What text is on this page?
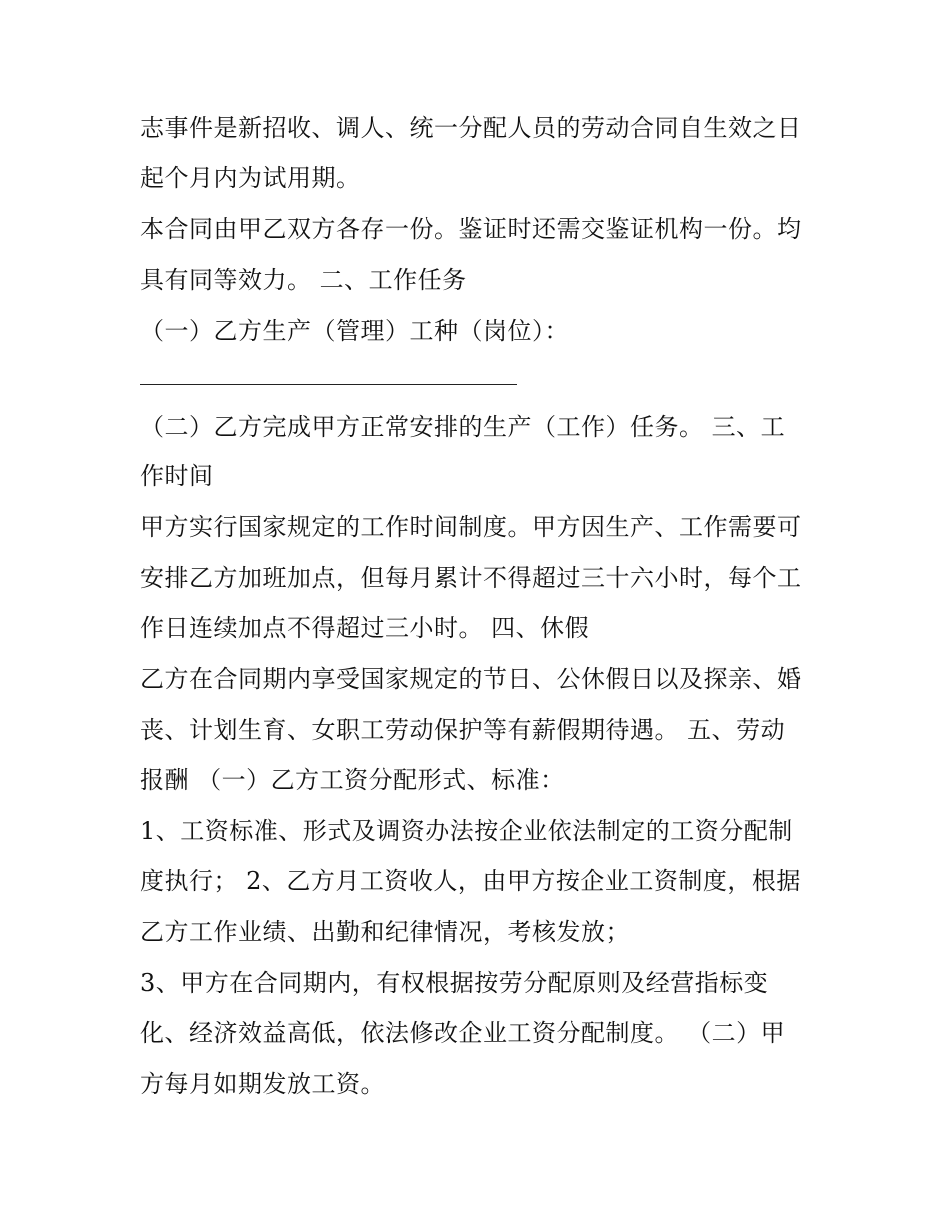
志事件是新招收、调人、统一分配人员的劳动合同自生效之日
起个月内为试用期。
本合同由甲乙双方各存一份。鉴证时还需交鉴证机构一份。均
具有同等效力。 二、工作任务
（一）乙方生产（管理）工种（岗位）：
（二）乙方完成甲方正常安排的生产（工作）任务。 三、工
作时间
甲方实行国家规定的工作时间制度。甲方因生产、工作需要可
安排乙方加班加点，但每月累计不得超过三十六小时，每个工
作日连续加点不得超过三小时。 四、休假
乙方在合同期内享受国家规定的节日、公休假日以及探亲、婚
丧、计划生育、女职工劳动保护等有薪假期待遇。 五、劳动
报酬 （一）乙方工资分配形式、标准：
1、工资标准、形式及调资办法按企业依法制定的工资分配制
度执行； 2、乙方月工资收人，由甲方按企业工资制度，根据
乙方工作业绩、出勤和纪律情况，考核发放；
3、甲方在合同期内，有权根据按劳分配原则及经营指标变
化、经济效益高低，依法修改企业工资分配制度。 （二）甲
方每月如期发放工资。
